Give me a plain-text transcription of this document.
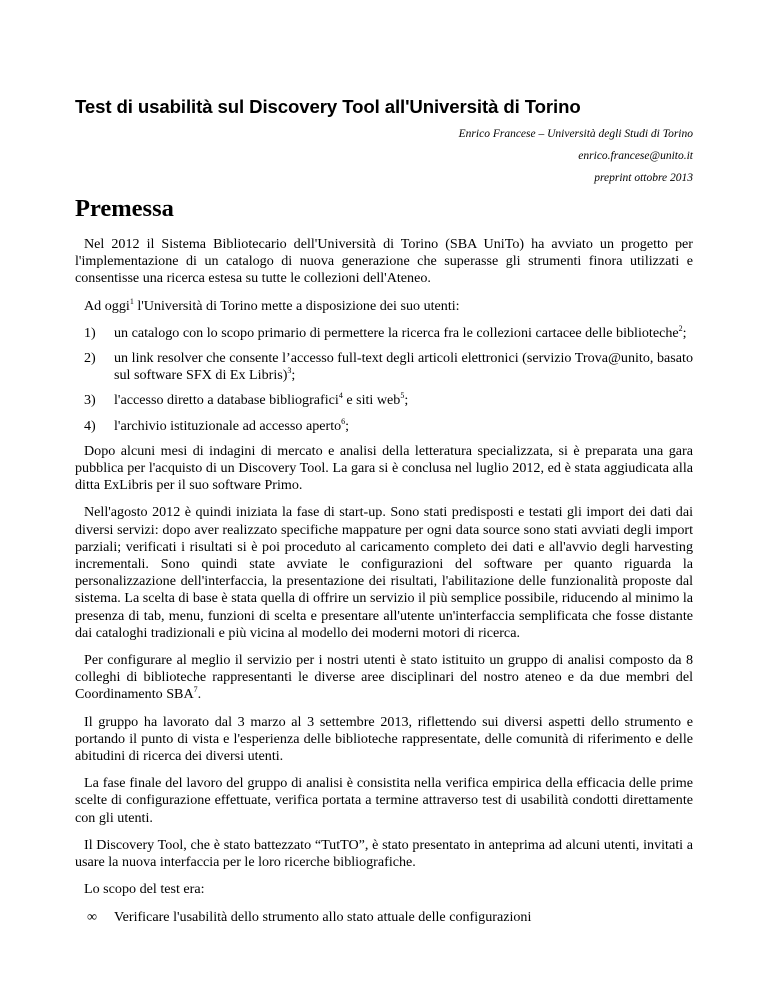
Test di usabilità sul Discovery Tool all'Università di Torino
Enrico Francese – Università degli Studi di Torino
enrico.francese@unito.it
preprint ottobre 2013
Premessa

Nel 2012 il Sistema Bibliotecario dell'Università di Torino (SBA UniTo) ha avviato un progetto per l'implementazione di un catalogo di nuova generazione che superasse gli strumenti finora utilizzati e consentisse una ricerca estesa su tutte le collezioni dell'Ateneo.

Ad oggi$^1$ l'Università di Torino mette a disposizione dei suo utenti:

1) un catalogo con lo scopo primario di permettere la ricerca fra le collezioni cartacee delle biblioteche$^2$;
2) un link resolver che consente l’accesso full-text degli articoli elettronici (servizio Trova@unito, basato sul software SFX di Ex Libris)$^3$;
3) l'accesso diretto a database bibliografici$^4$ e siti web$^5$;
4) l'archivio istituzionale ad accesso aperto$^6$;

Dopo alcuni mesi di indagini di mercato e analisi della letteratura specializzata, si è preparata una gara pubblica per l'acquisto di un Discovery Tool. La gara si è conclusa nel luglio 2012, ed è stata aggiudicata alla ditta ExLibris per il suo software Primo.

Nell'agosto 2012 è quindi iniziata la fase di start-up. Sono stati predisposti e testati gli import dei dati dai diversi servizi: dopo aver realizzato specifiche mappature per ogni data source sono stati avviati degli import parziali; verificati i risultati si è poi proceduto al caricamento completo dei dati e all'avvio degli harvesting incrementali. Sono quindi state avviate le configurazioni del software per quanto riguarda la personalizzazione dell'interfaccia, la presentazione dei risultati, l'abilitazione delle funzionalità proposte dal sistema. La scelta di base è stata quella di offrire un servizio il più semplice possibile, riducendo al minimo la presenza di tab, menu, funzioni di scelta e presentare all'utente un'interfaccia semplificata che fosse distante dai cataloghi tradizionali e più vicina al modello dei moderni motori di ricerca.

Per configurare al meglio il servizio per i nostri utenti è stato istituito un gruppo di analisi composto da 8 colleghi di biblioteche rappresentanti le diverse aree disciplinari del nostro ateneo e da due membri del Coordinamento SBA$^7$.

Il gruppo ha lavorato dal 3 marzo al 3 settembre 2013, riflettendo sui diversi aspetti dello strumento e portando il punto di vista e l'esperienza delle biblioteche rappresentate, delle comunità di riferimento e delle abitudini di ricerca dei diversi utenti.

La fase finale del lavoro del gruppo di analisi è consistita nella verifica empirica della efficacia delle prime scelte di configurazione effettuate, verifica portata a termine attraverso test di usabilità condotti direttamente con gli utenti.

Il Discovery Tool, che è stato battezzato “TutTO”, è stato presentato in anteprima ad alcuni utenti, invitati a usare la nuova interfaccia per le loro ricerche bibliografiche.

Lo scopo del test era:

∞ Verificare l'usabilità dello strumento allo stato attuale delle configurazioni
